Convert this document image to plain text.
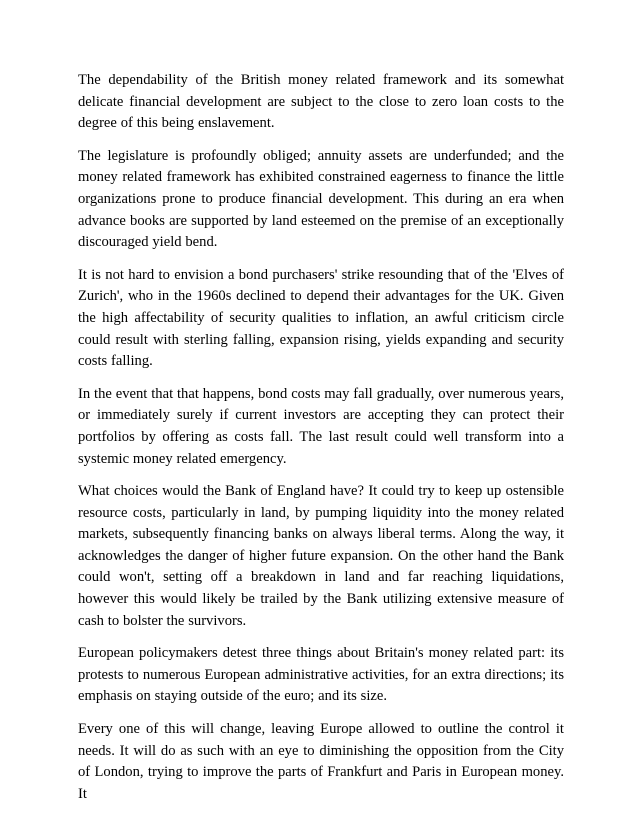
The dependability of the British money related framework and its somewhat delicate financial development are subject to the close to zero loan costs to the degree of this being enslavement.

The legislature is profoundly obliged; annuity assets are underfunded; and the money related framework has exhibited constrained eagerness to finance the little organizations prone to produce financial development. This during an era when advance books are supported by land esteemed on the premise of an exceptionally discouraged yield bend.

It is not hard to envision a bond purchasers' strike resounding that of the 'Elves of Zurich', who in the 1960s declined to depend their advantages for the UK. Given the high affectability of security qualities to inflation, an awful criticism circle could result with sterling falling, expansion rising, yields expanding and security costs falling.

In the event that that happens, bond costs may fall gradually, over numerous years, or immediately surely if current investors are accepting they can protect their portfolios by offering as costs fall. The last result could well transform into a systemic money related emergency.

What choices would the Bank of England have? It could try to keep up ostensible resource costs, particularly in land, by pumping liquidity into the money related markets, subsequently financing banks on always liberal terms. Along the way, it acknowledges the danger of higher future expansion. On the other hand the Bank could won't, setting off a breakdown in land and far reaching liquidations, however this would likely be trailed by the Bank utilizing extensive measure of cash to bolster the survivors.

European policymakers detest three things about Britain's money related part: its protests to numerous European administrative activities, for an extra directions; its emphasis on staying outside of the euro; and its size.

Every one of this will change, leaving Europe allowed to outline the control it needs. It will do as such with an eye to diminishing the opposition from the City of London, trying to improve the parts of Frankfurt and Paris in European money. It
